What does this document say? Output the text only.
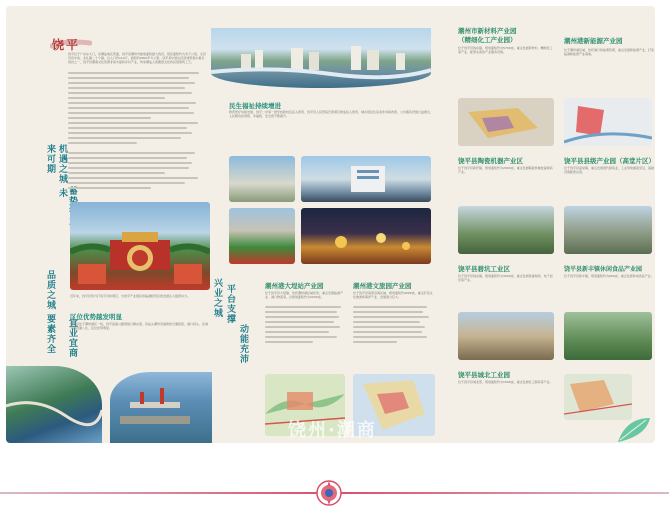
饶平
饶平位于广东东大门，是潮汕地区西面，饶平是潮州市陆地面积最大的县，居民面积约为多万公里，全县设有中岚、北礼镇二十个镇，总人口约110万，面积约2000平方公里。饶平是中国古民居建筑集中最多的县之一，饶平县潮商文化资源非常丰富和乡村产业，传承潮汕人的聚居文化和民居建筑工艺。
机遇之城 未来可期
近年来，饶平县努力打造平台和项目，为饶平产业园区和临港经济区的发展注入强劲动力。
区位优势越发明显
品质之城 要素齐全 宜业宜商
饶平县处于潮州港区一线，饶平高速公路网络日臻完善，是汕头潮州至福建的交通枢纽，港口码头、区域交通四通八达，区位优势明显。
民生福祉持续增进
教育医疗持续发展，饶平二中等一批学校新校区投入使用，饶平县人民医院迁建项目建成投入使用，城乡居民住房条件持续改善，公共服务设施日益健全，人民群众获得感、幸福感、安全感不断提升。
兴业之城 平台支撑
动能充沛
潮州港大埕站产业园
位于饶平县大埕镇，依托潮州港区域优势，重点发展临港产业、港口物流等，总规划面积约为2000亩。
潮州港文旅园产业园
位于饶平县南部沿海区域，规划面积约4000亩，重点打造文化旅游和海洋产业，发展潜力巨大。
潮州市新材料产业园
（精细化工产业园）
位于饶平县钱东镇，规划面积约为5700亩，重点发展新材料、精细化工等产业，配套完善的产业服务设施。
潮州港新能源产业园
位于潮州港区域，依托港口和能源资源，重点发展新能源产业，打造临港新能源产业基地。
饶平县陶瓷机器产业区
位于饶平县新圩镇，规划面积约为2000亩，重点发展陶瓷机械装备制造产业。
饶平县县级产业园（高堂片区）
位于饶平县高堂镇，重点发展现代制造业，工业用地储备充足，基础设施配套完善。
饶平县碧坑工业区
位于饶平县钱东镇，规划面积约为3000亩，重点发展装备制造、电子信息等产业。
饶平县新丰镇休闲食品产业园
位于饶平县新丰镇，规划面积约为600亩，重点发展休闲食品产业。
饶平县城北工业园
位于饶平县城北部，规划面积约为1500亩，重点发展轻工制造等产业。
饶州·潮商
